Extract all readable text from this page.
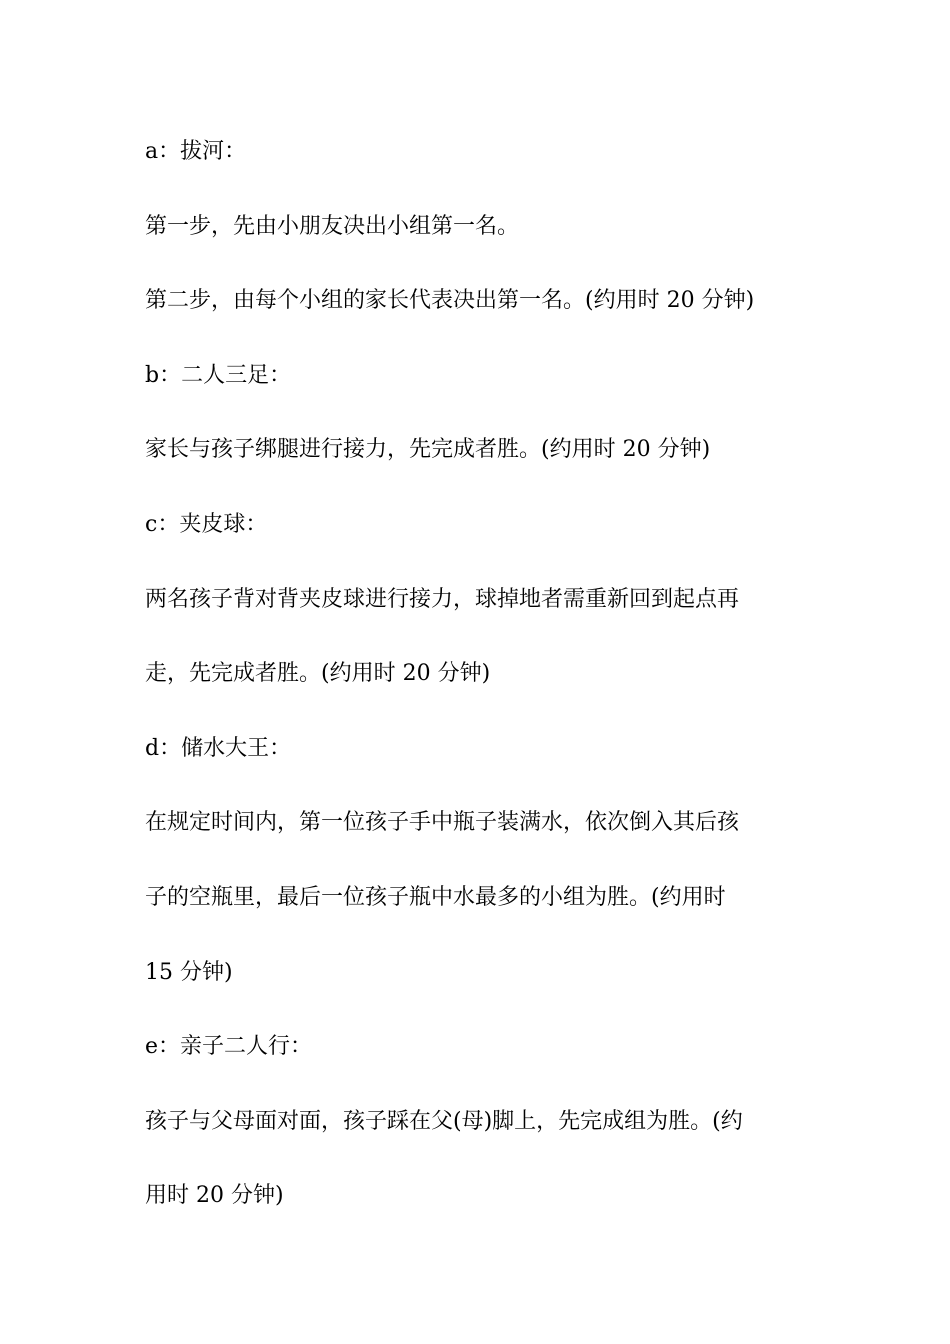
a：拔河：
第一步，先由小朋友决出小组第一名。
第二步，由每个小组的家长代表决出第一名。(约用时 20 分钟)
b：二人三足：
家长与孩子绑腿进行接力，先完成者胜。(约用时 20 分钟)
c：夹皮球：
两名孩子背对背夹皮球进行接力，球掉地者需重新回到起点再
走，先完成者胜。(约用时 20 分钟)
d：储水大王：
在规定时间内，第一位孩子手中瓶子装满水，依次倒入其后孩
子的空瓶里，最后一位孩子瓶中水最多的小组为胜。(约用时
15 分钟)
e：亲子二人行：
孩子与父母面对面，孩子踩在父(母)脚上，先完成组为胜。(约
用时 20 分钟)
